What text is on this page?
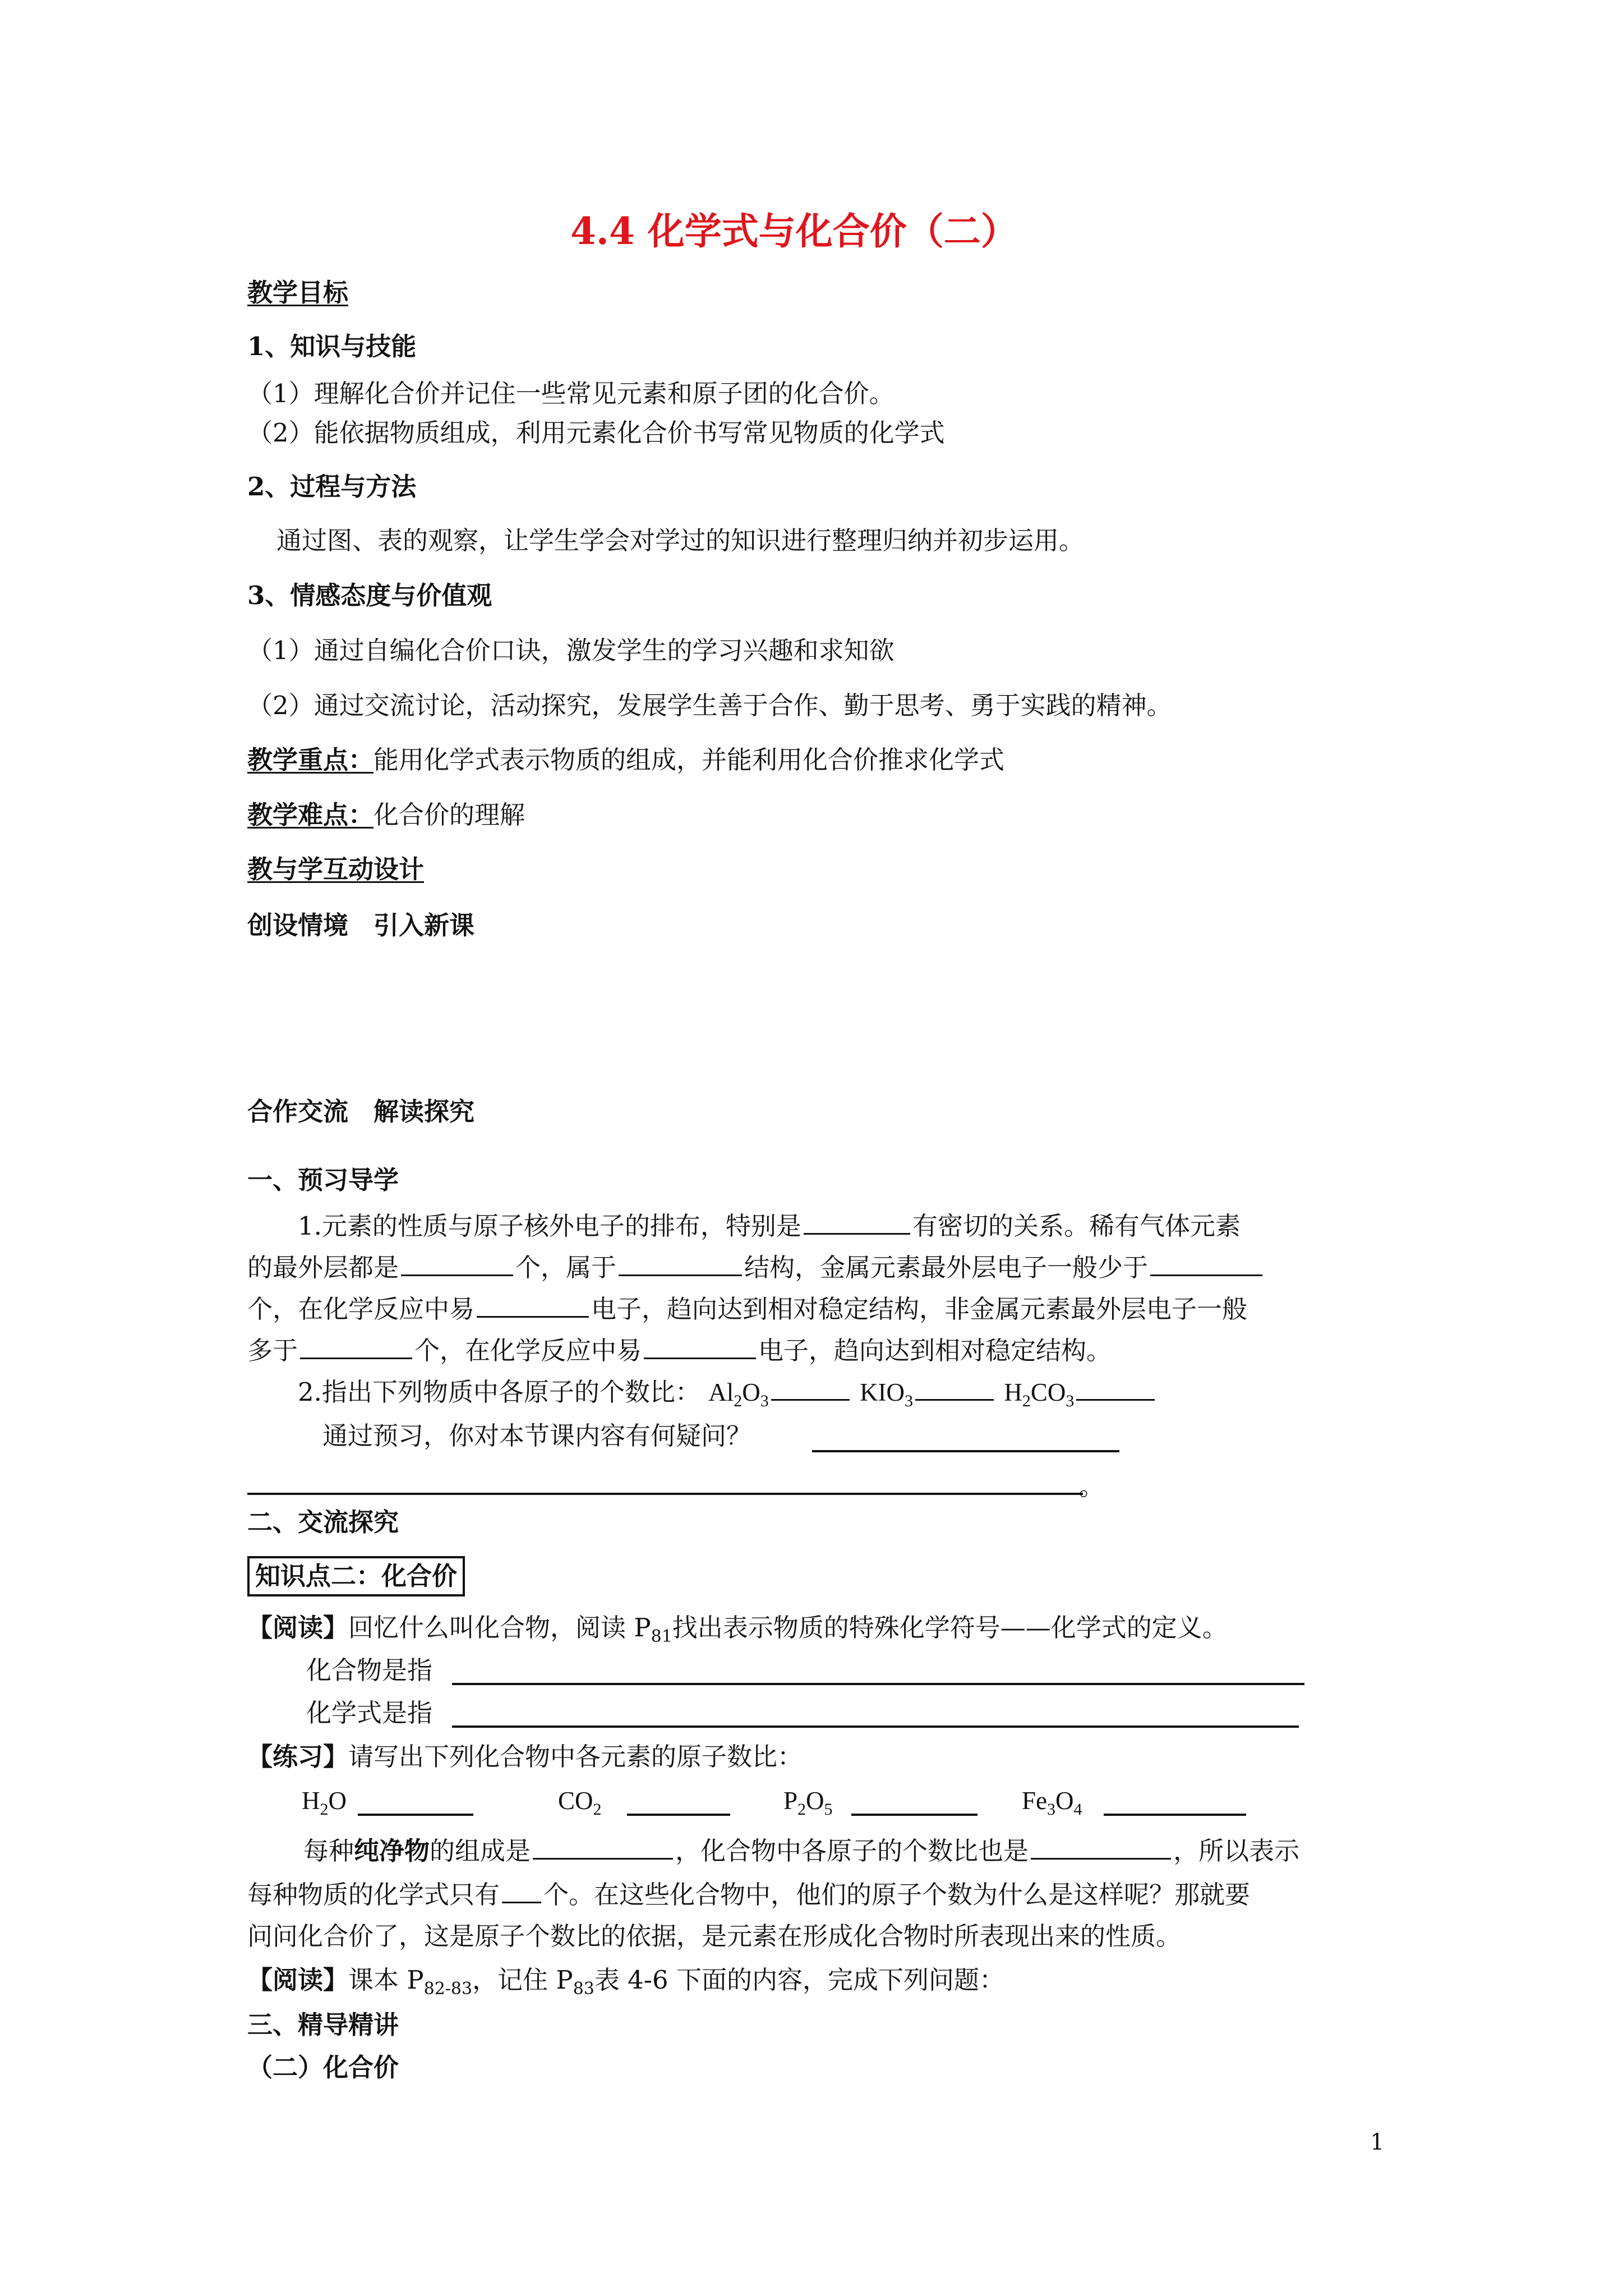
4.4 化学式与化合价（二）
教学目标
1、知识与技能
（1）理解化合价并记住一些常见元素和原子团的化合价。
（2）能依据物质组成，利用元素化合价书写常见物质的化学式
2、过程与方法
通过图、表的观察，让学生学会对学过的知识进行整理归纳并初步运用。
3、情感态度与价值观
（1）通过自编化合价口诀，激发学生的学习兴趣和求知欲
（2）通过交流讨论，活动探究，发展学生善于合作、勤于思考、勇于实践的精神。
教学重点：能用化学式表示物质的组成，并能利用化合价推求化学式
教学难点：化合价的理解
教与学互动设计
创设情境　引入新课
合作交流　解读探究
一、预习导学
1.元素的性质与原子核外电子的排布，特别是	有密切的关系。稀有气体元素
的最外层都是	个，属于	结构，金属元素最外层电子一般少于
个，在化学反应中易	电子，趋向达到相对稳定结构，非金属元素最外层电子一般
多于	个，在化学反应中易	电子，趋向达到相对稳定结构。
2.指出下列物质中各原子的个数比： $Al_2O_3$	$KIO_3$	$H_2CO_3$
通过预习，你对本节课内容有何疑问？
。
二、交流探究
知识点二：化合价
【阅读】回忆什么叫化合物，阅读 $P_{81}$找出表示物质的特殊化学符号——化学式的定义。
化合物是指
化学式是指
【练习】请写出下列化合物中各元素的原子数比：
$H_2O$	$CO_2$	$P_2O_5$	$Fe_3O_4$
每种纯净物的组成是	，化合物中各原子的个数比也是	，所以表示
每种物质的化学式只有 个。在这些化合物中，他们的原子个数为什么是这样呢？那就要
问问化合价了，这是原子个数比的依据，是元素在形成化合物时所表现出来的性质。
【阅读】课本 $P_{82-83}$，记住 $P_{83}$表 4-6 下面的内容，完成下列问题：
三、精导精讲
（二）化合价
1
